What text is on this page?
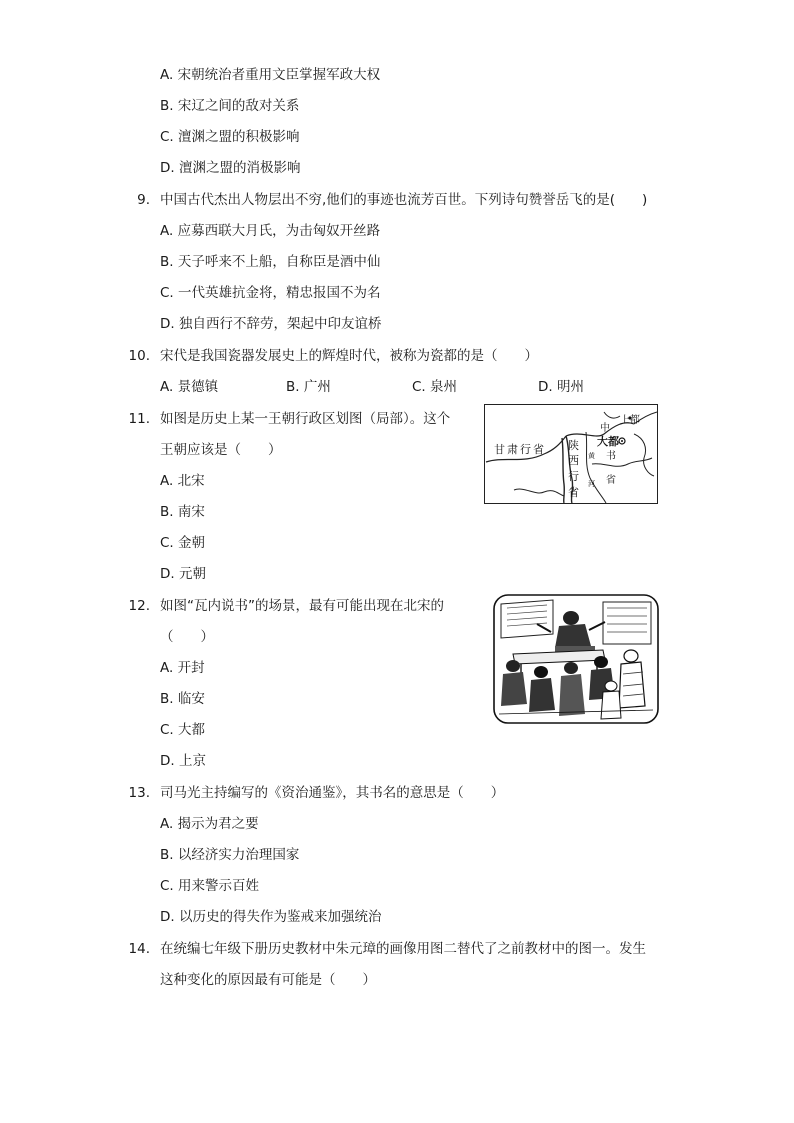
A. 宋朝统治者重用文臣掌握军政大权
B. 宋辽之间的敌对关系
C. 澶渊之盟的积极影响
D. 澶渊之盟的消极影响
9. 中国古代杰出人物层出不穷,他们的事迹也流芳百世。下列诗句赞誉岳飞的是(　　)
A. 应募西联大月氏，为击匈奴开丝路
B. 天子呼来不上船，自称臣是酒中仙
C. 一代英雄抗金将，精忠报国不为名
D. 独自西行不辞劳，架起中印友谊桥
10. 宋代是我国瓷器发展史上的辉煌时代，被称为瓷都的是（　　）
A. 景德镇	B. 广州	C. 泉州	D. 明州
11. 如图是历史上某一王朝行政区划图（局部）。这个
王朝应该是（　　）
A. 北宋
B. 南宋
C. 金朝
D. 元朝
甘肃行省 陕
西
行
省
上都
大都
中
书
省
黄
河
12. 如图“瓦内说书”的场景，最有可能出现在北宋的
（　　）
A. 开封
B. 临安
C. 大都
D. 上京
13. 司马光主持编写的《资治通鉴》，其书名的意思是（　　）
A. 揭示为君之要
B. 以经济实力治理国家
C. 用来警示百姓
D. 以历史的得失作为鉴戒来加强统治
14. 在统编七年级下册历史教材中朱元璋的画像用图二替代了之前教材中的图一。发生
这种变化的原因最有可能是（　　）
